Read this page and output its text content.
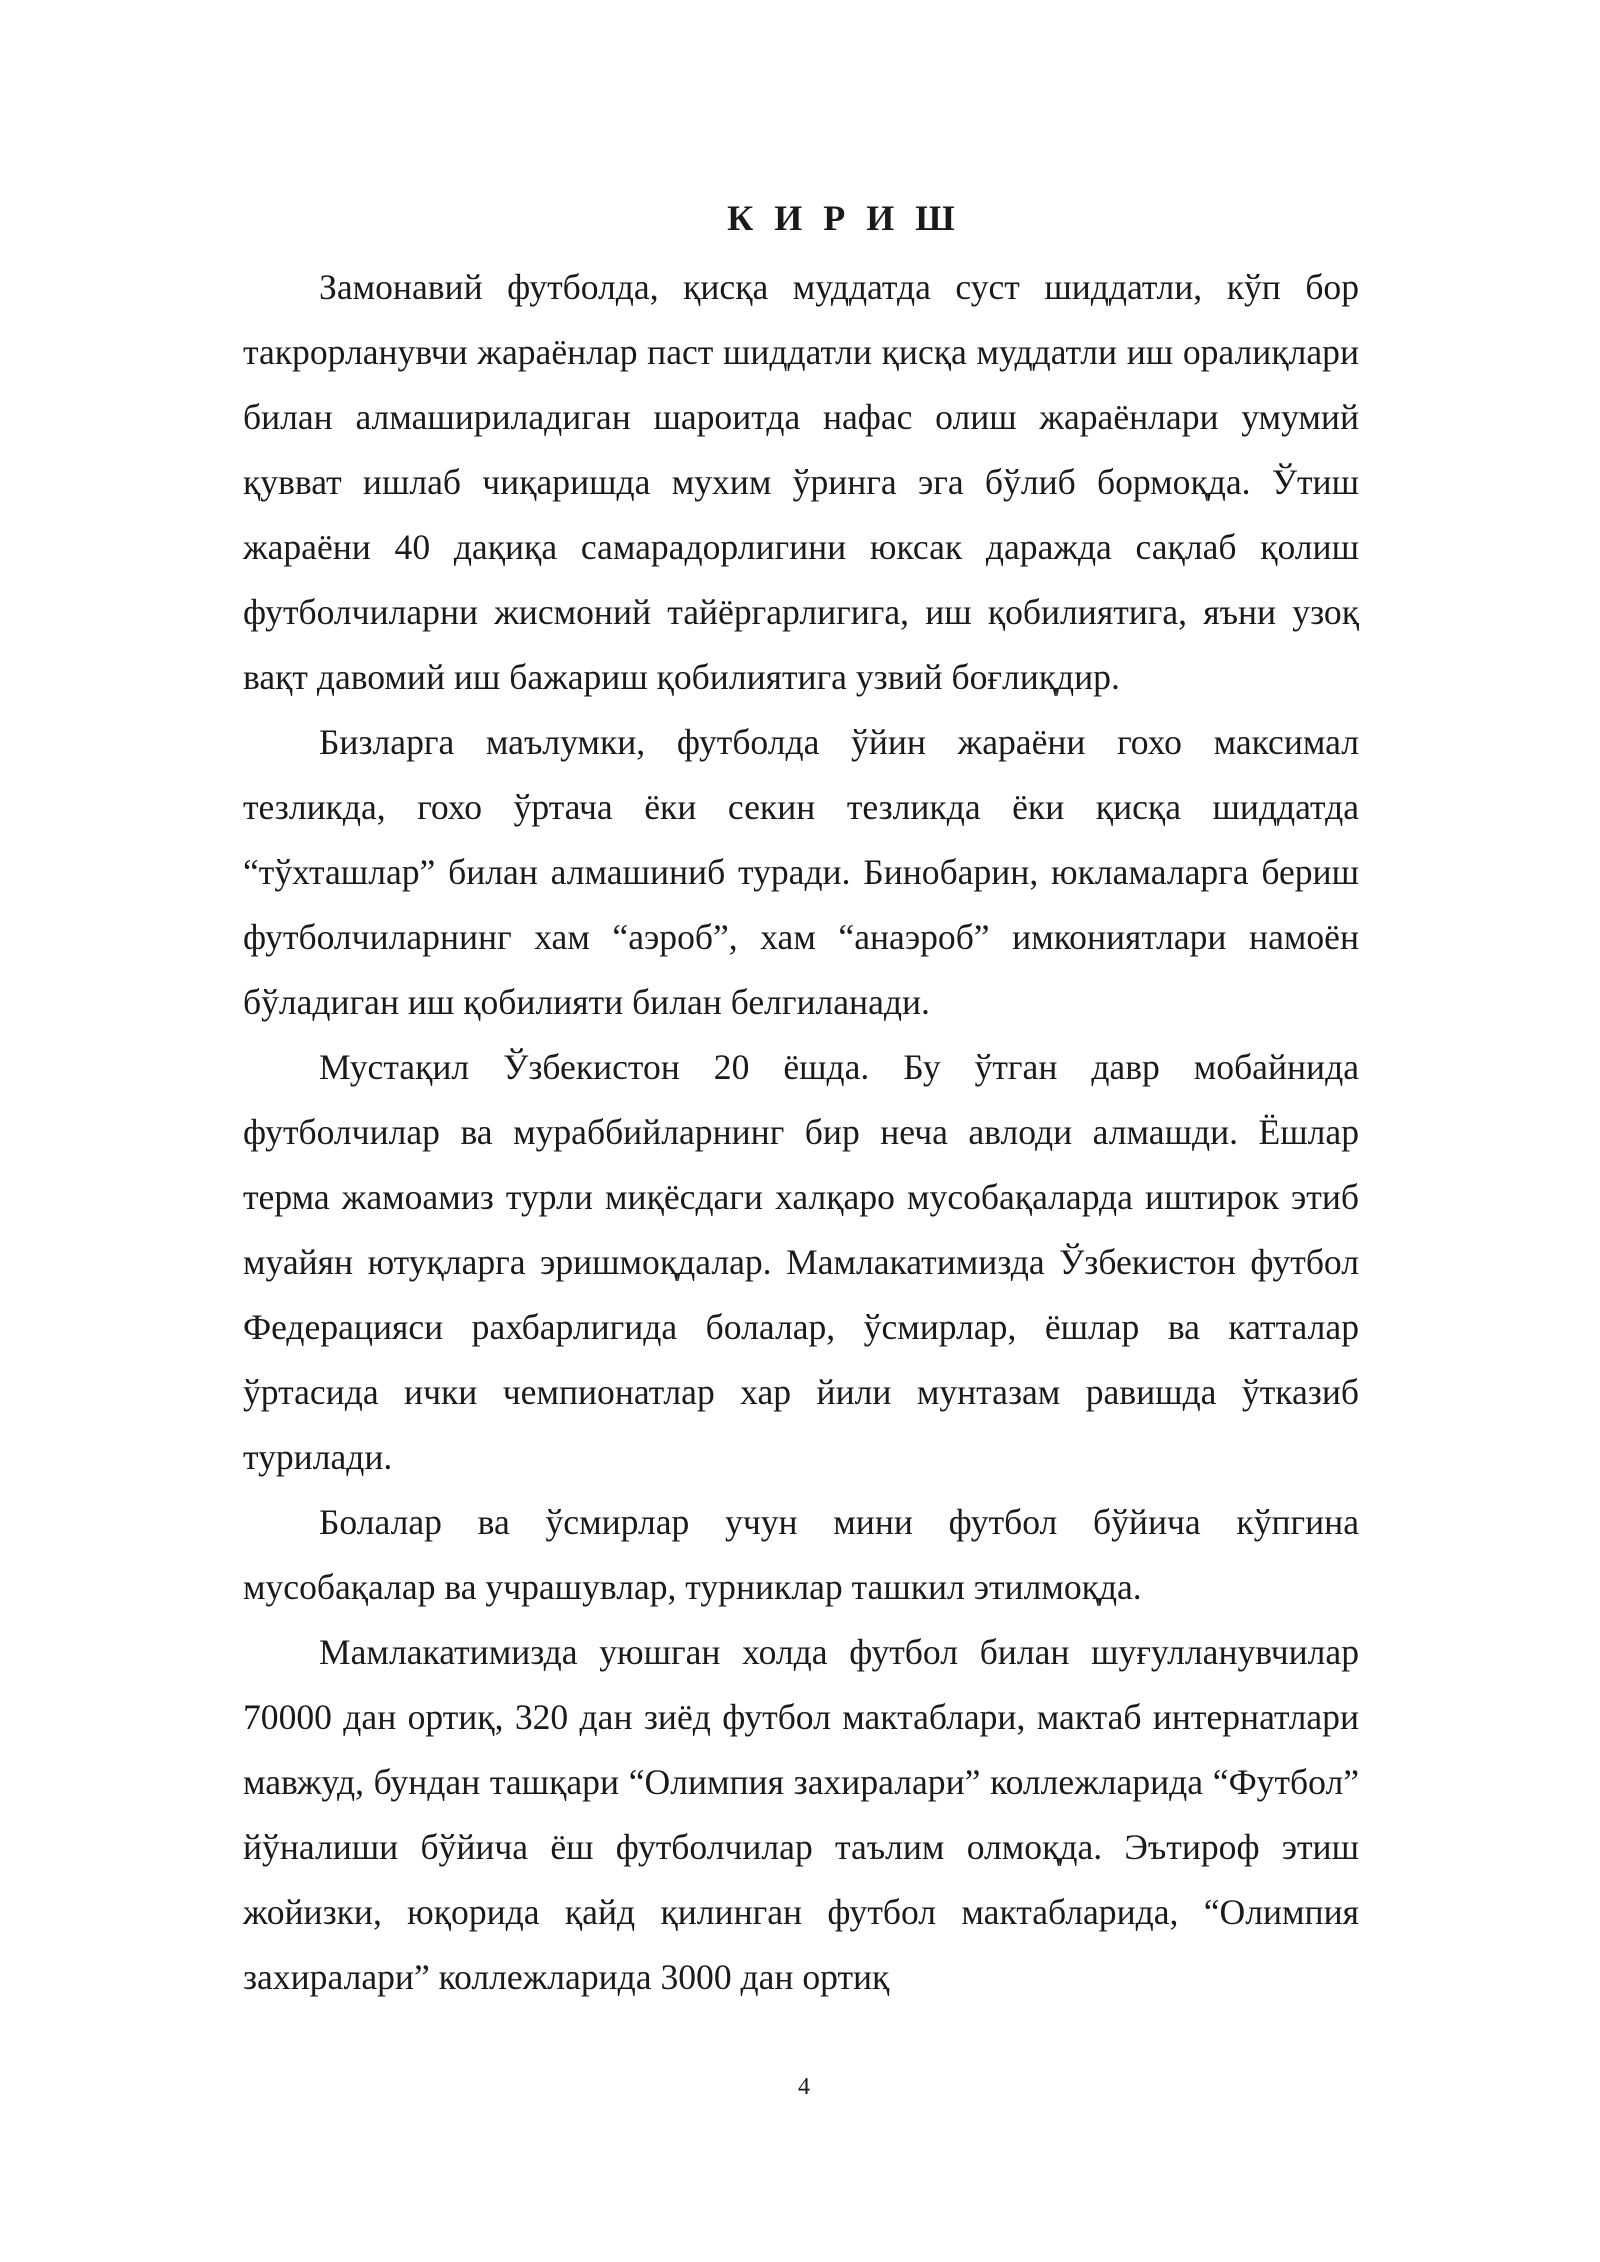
К И Р И Ш

Замонавий футболда, қисқа муддатда суст шиддатли, кўп бор такрорланувчи жараёнлар паст шиддатли қисқа муддатли иш оралиқлари билан алмашириладиган шароитда нафас олиш жараёнлари умумий қувват ишлаб чиқаришда мухим ўринга эга бўлиб бормоқда. Ўтиш жараёни 40 дақиқа самарадорлигини юксак даражда сақлаб қолиш футболчиларни жисмоний тайёргарлигига, иш қобилиятига, яъни узоқ вақт давомий иш бажариш қобилиятига узвий боғлиқдир.

Бизларга маълумки, футболда ўйин жараёни гохо максимал тезликда, гохо ўртача ёки секин тезликда ёки қисқа шиддатда “тўхташлар” билан алмашиниб туради. Бинобарин, юкламаларга бериш футболчиларнинг хам “аэроб”, хам “анаэроб” имкониятлари намоён бўладиган иш қобилияти билан белгиланади.

Мустақил Ўзбекистон 20 ёшда. Бу ўтган давр мобайнида футболчилар ва мураббийларнинг бир неча авлоди алмашди. Ёшлар терма жамоамиз турли миқёсдаги халқаро мусобақаларда иштирок этиб муайян ютуқларга эришмоқдалар. Мамлакатимизда Ўзбекистон футбол Федерацияси рахбарлигида болалар, ўсмирлар, ёшлар ва катталар ўртасида ички чемпионатлар хар йили мунтазам равишда ўтказиб турилади.

Болалар ва ўсмирлар учун мини футбол бўйича кўпгина мусобақалар ва учрашувлар, турниклар ташкил этилмоқда.

Мамлакатимизда уюшган холда футбол билан шуғулланувчилар 70000 дан ортиқ, 320 дан зиёд футбол мактаблари, мактаб интернатлари мавжуд, бундан ташқари “Олимпия захиралари” коллежларида “Футбол” йўналиши бўйича ёш футболчилар таълим олмоқда. Эътироф этиш жойизки, юқорида қайд қилинган футбол мактабларида, “Олимпия захиралари” коллежларида 3000 дан ортиқ

4
